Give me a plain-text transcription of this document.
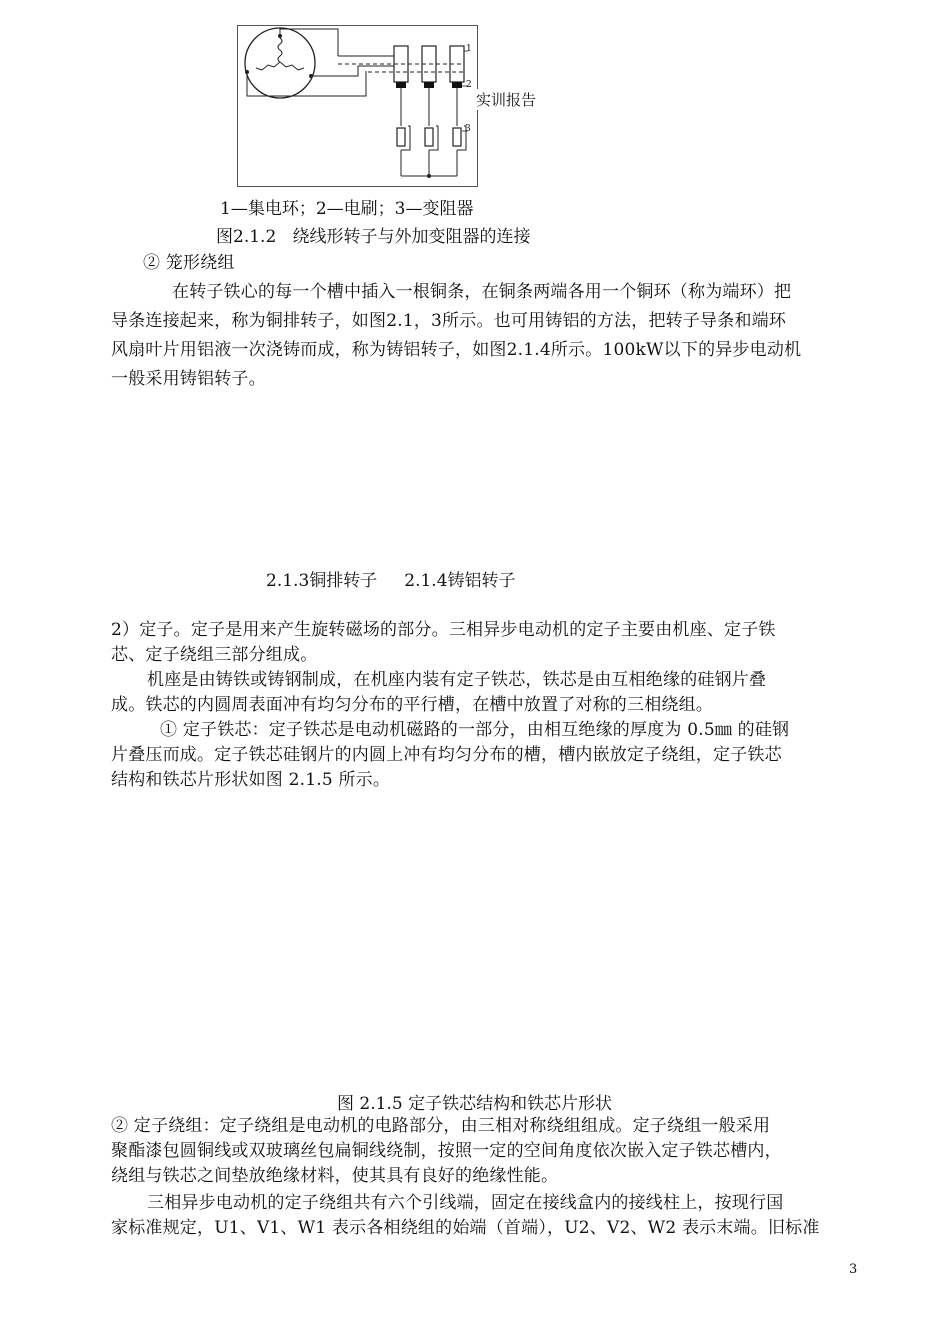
1
2
3
实训报告
1—集电环；2—电刷；3—变阻器
图2.1.2   绕线形转子与外加变阻器的连接
② 笼形绕组
在转子铁心的每一个槽中插入一根铜条，在铜条两端各用一个铜环（称为端环）把
导条连接起来，称为铜排转子，如图2.1，3所示。也可用铸铝的方法，把转子导条和端环
风扇叶片用铝液一次浇铸而成，称为铸铝转子，如图2.1.4所示。100kW以下的异步电动机
一般采用铸铝转子。
2.1.3铜排转子     2.1.4铸铝转子
2）定子。定子是用来产生旋转磁场的部分。三相异步电动机的定子主要由机座、定子铁
芯、定子绕组三部分组成。
机座是由铸铁或铸钢制成，在机座内装有定子铁芯，铁芯是由互相绝缘的硅钢片叠
成。铁芯的内圆周表面冲有均匀分布的平行槽，在槽中放置了对称的三相绕组。
① 定子铁芯：定子铁芯是电动机磁路的一部分，由相互绝缘的厚度为 0.5㎜ 的硅钢
片叠压而成。定子铁芯硅钢片的内圆上冲有均匀分布的槽，槽内嵌放定子绕组，定子铁芯
结构和铁芯片形状如图 2.1.5 所示。
图 2.1.5 定子铁芯结构和铁芯片形状
② 定子绕组：定子绕组是电动机的电路部分，由三相对称绕组组成。定子绕组一般采用
聚酯漆包圆铜线或双玻璃丝包扁铜线绕制，按照一定的空间角度依次嵌入定子铁芯槽内，
绕组与铁芯之间垫放绝缘材料，使其具有良好的绝缘性能。
三相异步电动机的定子绕组共有六个引线端，固定在接线盒内的接线柱上，按现行国
家标准规定，U1、V1、W1 表示各相绕组的始端（首端），U2、V2、W2 表示末端。旧标准
3
